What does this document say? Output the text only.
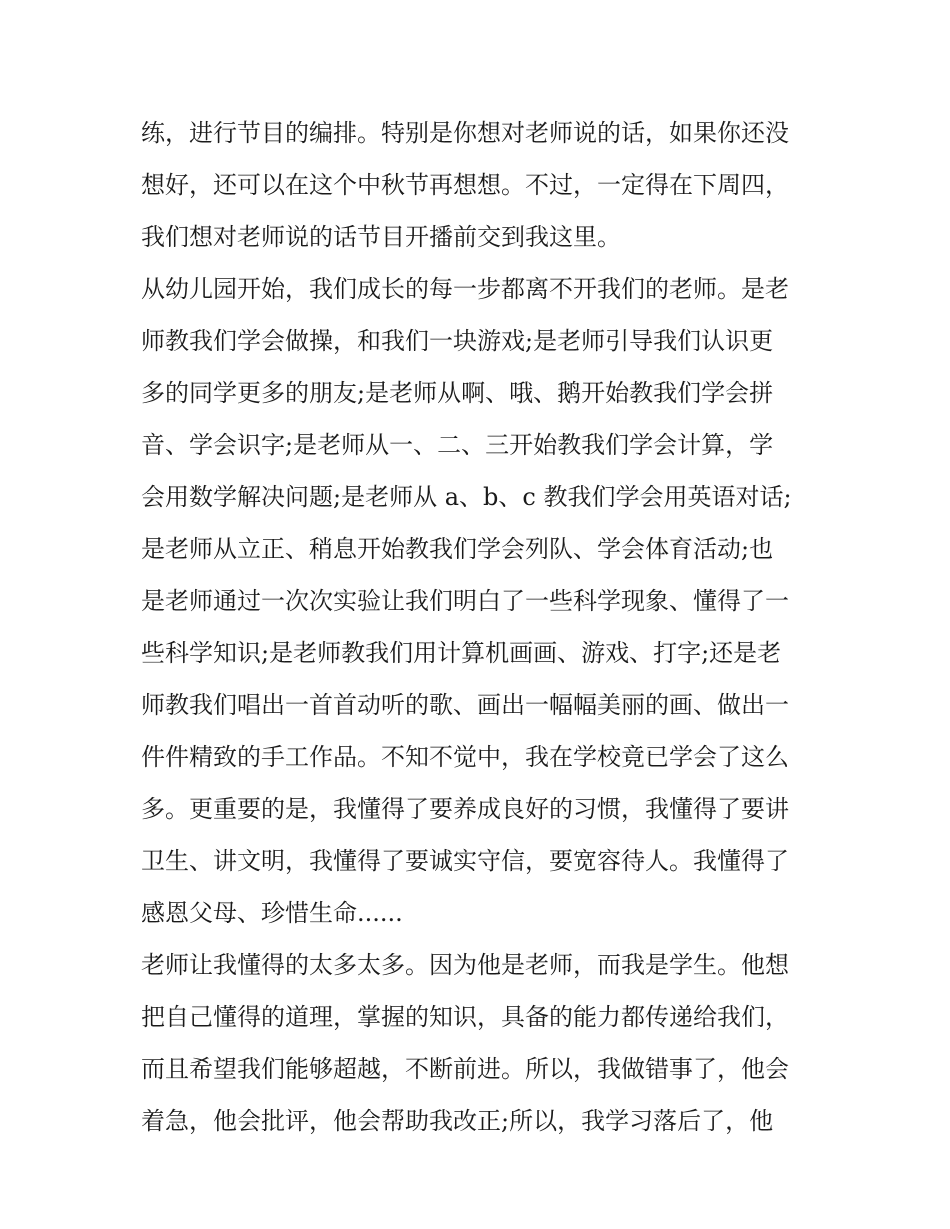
练，进行节目的编排。特别是你想对老师说的话，如果你还没
想好，还可以在这个中秋节再想想。不过，一定得在下周四，
我们想对老师说的话节目开播前交到我这里。
从幼儿园开始，我们成长的每一步都离不开我们的老师。是老
师教我们学会做操，和我们一块游戏;是老师引导我们认识更
多的同学更多的朋友;是老师从啊、哦、鹅开始教我们学会拼
音、学会识字;是老师从一、二、三开始教我们学会计算，学
会用数学解决问题;是老师从 a、b、c 教我们学会用英语对话;
是老师从立正、稍息开始教我们学会列队、学会体育活动;也
是老师通过一次次实验让我们明白了一些科学现象、懂得了一
些科学知识;是老师教我们用计算机画画、游戏、打字;还是老
师教我们唱出一首首动听的歌、画出一幅幅美丽的画、做出一
件件精致的手工作品。不知不觉中，我在学校竟已学会了这么
多。更重要的是，我懂得了要养成良好的习惯，我懂得了要讲
卫生、讲文明，我懂得了要诚实守信，要宽容待人。我懂得了
感恩父母、珍惜生命......
老师让我懂得的太多太多。因为他是老师，而我是学生。他想
把自己懂得的道理，掌握的知识，具备的能力都传递给我们，
而且希望我们能够超越，不断前进。所以，我做错事了，他会
着急，他会批评，他会帮助我改正;所以，我学习落后了，他
